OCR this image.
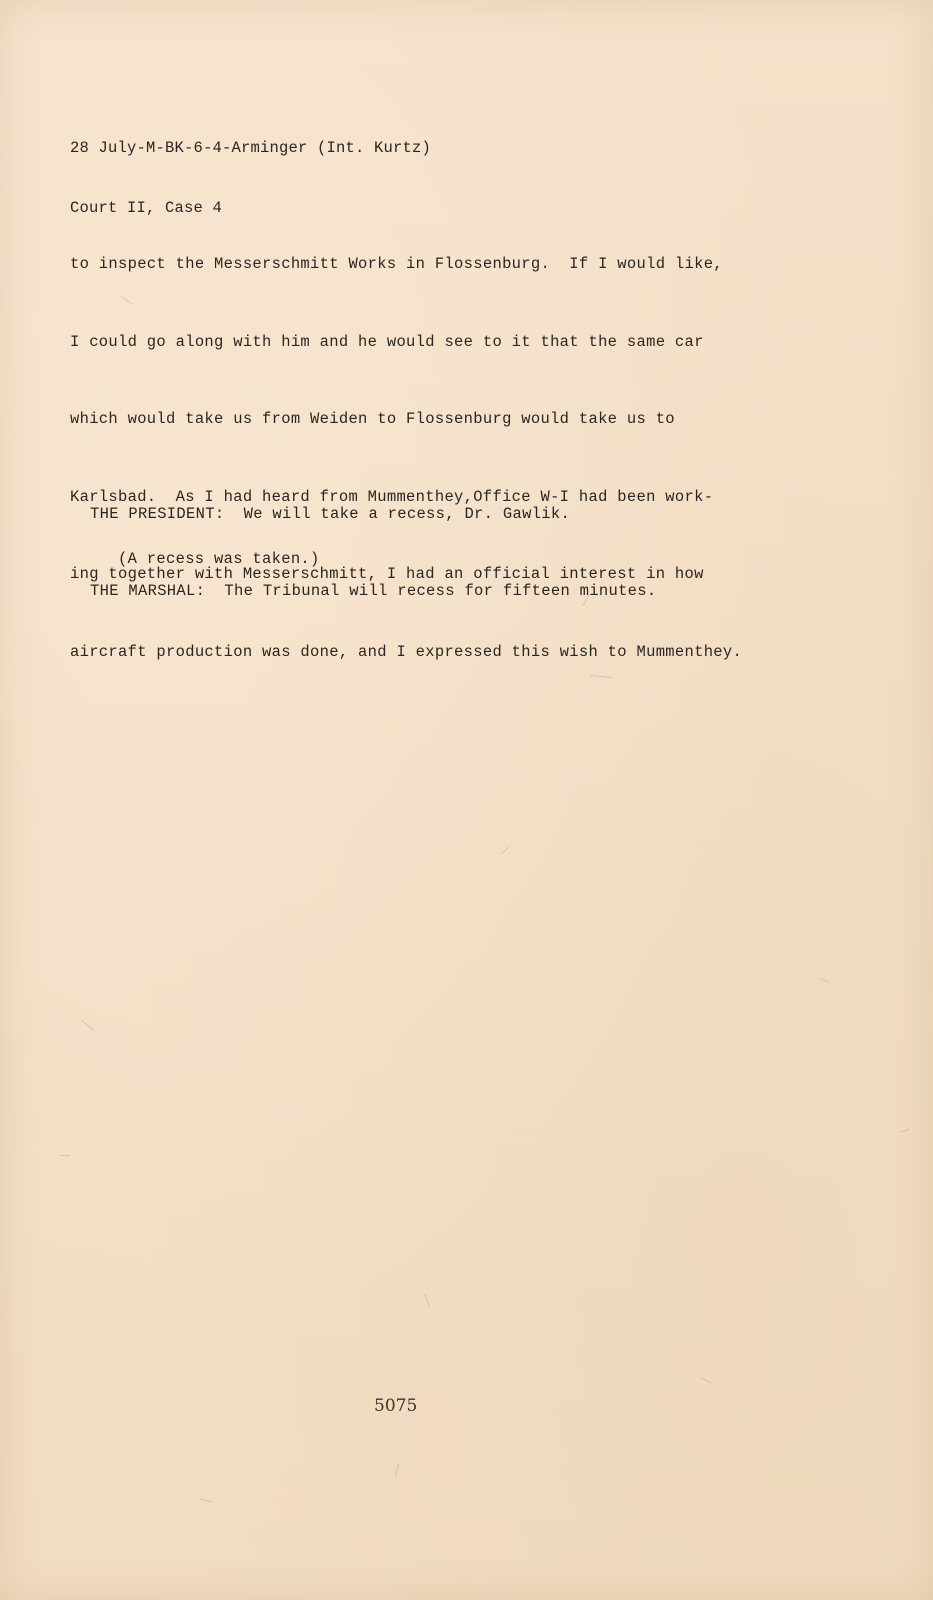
28 July-M-BK-6-4-Arminger (Int. Kurtz)

Court II, Case 4

to inspect the Messerschmitt Works in Flossenburg.  If I would like,

I could go along with him and he would see to it that the same car

which would take us from Weiden to Flossenburg would take us to

Karlsbad.  As I had heard from Mummenthey,Office W-I had been work-

ing together with Messerschmitt, I had an official interest in how

aircraft production was done, and I expressed this wish to Mummenthey.

THE PRESIDENT:  We will take a recess, Dr. Gawlik.

THE MARSHAL:  The Tribunal will recess for fifteen minutes.

(A recess was taken.)
5075
